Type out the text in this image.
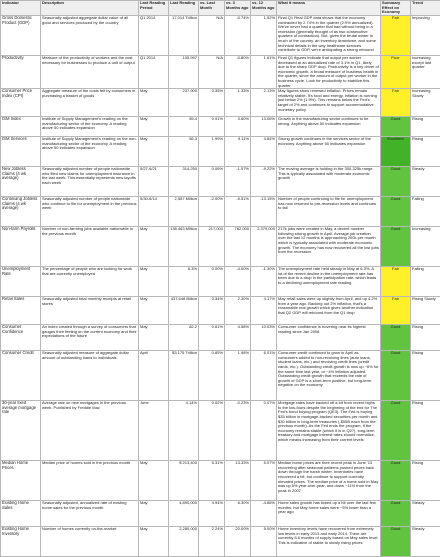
Indicator	Description	Last Reading Period	Last Reading	vs. Last Month	vs. 3 Months ago	vs. 12 Months ago	What it means	Summary Effect on Economy	Trend
Gross Domestic Product (GDP)	Seasonally adjusted aggregate dollar value of all good and services produced by the country	Q1 2014	17,014 Trillion	N/A	-0.74%	1.52%	Final Q1 Real GDP data shows that the economy contracted by 2.74% in the quarter (2.9% annualized). We've never had a quarter that bad without being in a recession (generally thought of as two consecutive quarters of contraction). But, given the brutal winter in much of the country, an inventory drawdown, and some technical details in the way healthcare services contribute to GDP, we're anticipating a strong rebound	Fair	Improving
Productivity	Measure of the productivity of workers and the cost necessary for businesses to produce a unit of output	Q1 2014	105.997	N/A	-0.80%	1.61%	Final Q1 figures indicate that output per worker decreased at an annualized rate of 3.1% in Q1, likely due to the sharp GDP drop. Productivity is a key driver of economic growth, a broad measure of business health in the quarter, since the amount of output per worker in the business cycle. Look for productivity to stabilize this quarter	Poor	Increasing except last quarter
Consumer Price Index (CPI)	Aggregate measure of the costs felt by consumers in purchasing a basket of goods	May	237.900	0.35%	1.33%	2.13%	May figures show renewed inflation. Prices remain relatively stable. It's food and energy, inflation is running just below 2% (1.9%). This remains below the Fed's target of 2% and continues to support accommodative monetary policy	Fair	Increasing Slowly
ISM Index	Institute of Supply Management's reading on the manufacturing sector of the economy. A reading above 50 indicates expansion	May	55.4	0.91%	3.60%	13.06%	Growth in the manufacturing sector continues to be strong. Anything above 50 indicates expansion	Good	Rising
ISM Services	Institute of Supply Management's reading on the non-manufacturing sector of the economy. A reading above 50 indicates expansion	May	56.3	1.99%	9.11%	4.84%	Strong growth continues in the services sector of the economy. Anything above 50 indicates expansion	Excellent	Rising
New Jobless Claims (4 wk average)	Seasonally adjusted number of people nationwide who filed new claims for unemployment insurance in the last week. This essentially represents new layoffs each week	5/27-6/21	314,250	0.06%	-1.57%	-9.22%	The moving average is holding in the 300-325k range. This is typically associated with moderate economic growth	Good	Steady
Continuing Jobless Claims (4 wk average)	Seasonally adjusted number of people nationwide who continue to file for unemployment in the previous week	5/30-6/14	2,587 Million	-2.00%	-9.51%	-13.15%	Number of people continuing to file for unemployment has now returned to pre-recession levels and continues to fall	Good	Falling
Non-farm Payrolls	Number of non-farming jobs available nationwide in the previous month	May	138.463 Million	217,000	782,000	2,379,000	217k jobs were created in May, a decent number following strong growth in April. Average job creation over the last 12 months is approaching 200k per month which is typically associated with moderate economic growth. The economy has now recovered all the lost jobs from the recession	Good	Increasing
Unemployment Rate	The percentage of people who are looking for work that are currently unemployed	May	6.3%	0.00%	-4.00%	-1.30%	The unemployment rate held steady in May at 6.3%. A lot of the recent decline in the unemployment rate has been due to a drop in the participation rate, which leads to a declining unemployment rate reading	Fair	Falling
Retail Sales	Seasonally adjusted total monthly receipts at retail stores	May	437.648 Billion	0.34%	2.30%	4.17%	May retail sales were up slightly from April, and up 4.2% from a year ago. Backing out 2% inflation, that's a reasonable real growth which gives another indication that Q2 GDP will rebound from the Q1 drop	Fair	Rising Slowly
Consumer Confidence	An index created through a survey of consumers that gauges their feeling on the current economy and their expectations of the future	May	82.2	0.61%	4.58%	10.03%	Consumer confidence is hovering near its highest reading since Jan 2008	Good	Rising
Consumer Credit	Seasonally adjusted measure of aggregate dollar amount of outstanding loans to individuals	April	$3.175 Trillion	0.85%	1.98%	6.01%	Consumer credit continued to grow in April as consumers added to non-revolving lines (auto loans, student loans, etc.) and revolving credit lines (credit cards, etc.). Outstanding credit growth is now up ~6% for the same time last year, or ~4% inflation adjusted. Outstanding credit growth that exceeds the rate of growth of GDP is a short-term positive, but long-term negative on the economy	Good	Rising
30-year fixed average mortgage rate	Average rate on new mortgages in the previous week. Published by Freddie Mac	June	4.14%	0.02%	-0.23%	0.07%	Mortgage rates have backed off a bit from recent highs to the low-fours despite the beginning of the end for The Fed's bond buying program (QE3). The Fed is buying $35 billion in mortgage-backed securities per month and $30 billion in long-term treasuries (-$55B each from the previous month). As the Fed ends the program, if the economy remains stable (which it is in Q2?), long-term treasury and mortgage interest rates should normalize, which means increasing from their current levels	Good	Rising
Median Home Prices	Median price of homes sold in the previous month	May	$ 213,400	5.31%	13.33%	5.07%	Median home prices are their recent peak in June '13 recovering after seasonal patterns pushed prices back down through the harsh winter. Inventories have recovered a bit, but continue to support currently elevated prices. The median price of a home sold in May was up 5% year-over-year, and down ~11% from the peak in 2007	Good	Rising
Existing Home Sales	Seasonally adjusted, annualized rate of existing home sales for the previous month	May	4,890,000	4.94%	6.30%	-4.86%	Home sales growth has ticked up a bit over the last few months, but May home sales were ~5% lower than a year ago	Good	Steady
Existing Home Inventory	Number of homes currently on-the-market	May	2,280,000	2.24%	20.00%	5.00%	Home inventory levels have recovered from extremely low levels in early 2013 and early 2014. There are currently 5.6 months of supply based on May sales level. This is indicative of stable to slowly rising prices	Good	Steady
